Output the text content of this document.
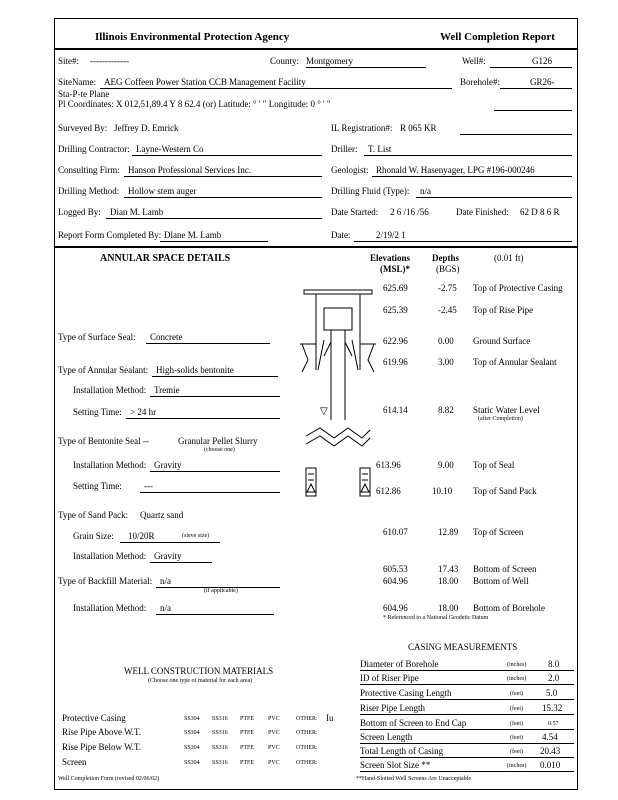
Illinois Environmental Protection Agency	Well Completion Report
Site#: -------------	County: Montgomery	Well#:	G126
SiteName: AEG Coffeen Power Station CCB Management Facility	Borehole#:	GR26-
Sta-P-te Plane
Pl Coordinates: X 012,51,89.4 Y 8 62.4 (or) Latitude: ° ' " Longitude: 0 ° ' "
Surveyed By: Jeffrey D. Emrick	IL Registration#: R 065 KR
Drilling Contractor: Layne-Western Co	Driller: T. List
Consulting Firm: Hanson Professional Services Inc.	Geologist: Rhonald W. Hasenyager, LPG #196-000246
Drilling Method: Hollow stem auger	Drilling Fluid (Type): n/a
Logged By: Dian M. Lamb	Date Started: 2 6 /16 /56	Date Finished: 62 D 8 6 R
Report Form Completed By: Dlane M. Lamb	Date:	2/19/2 1
ANNULAR SPACE DETAILS	Elevations
(MSL)*
Depths
(BGS)
(0.01 ft)
▽
625.69	-2.75 Top of Protective Casing
625.39	-2.45 Top of Rise Pipe
622.96	0.00 Ground Surface
619.96	3.00 Top of Annular Sealant
614.14	8.82 Static Water Level
(after Completion)
613.96	9.00 Top of Seal
612.86	10.10 Top of Sand Pack
610.07	12.89 Top of Screen
605.53	17.43 Bottom of Screen
604.96	18.00 Bottom of Well
604.96	18.00 Bottom of Borehole
* Referenced to a National Geodetic Datum
Type of Surface Seal: Concrete
Type of Annular Sealant: High-solids bentonite
Installation Method: Tremie
Setting Time: > 24 hr
Type of Bentonite Seal --	Granular Pellet Slurry
(choose one)
Installation Method: Gravity
Setting Time: ---
Type of Sand Pack: Quartz sand
Grain Size: 10/20R	(sieve size)
Installation Method: Gravity
Type of Backfill Material: n/a
(if applicable)
Installation Method: n/a
WELL CONSTRUCTION MATERIALS
(Choose one type of material for each area)
Protective Casing	SS304 SS316 PTFE PVC	OTHER: Iu
Rise Pipe Above W.T.	SS304 SS316 PTFE PVC	OTHER:
Rise Pipe Below W.T.	SS304 SS316 PTFE PVC	OTHER:
Screen	SS304 SS316 PTFE PVC	OTHER:
CASING MEASUREMENTS
Diameter of Borehole	(inches) 8.0
ID of Riser Pipe	(inches) 2.0
Protective Casing Length	(feet)	5.0
Riser Pipe Length	(feet) 15.32
Bottom of Screen to End Cap	(feet)	0.57
Screen Length	(feet) 4.54
Total Length of Casing	(feet) 20.43
Screen Slot Size **	(inches) 0.010
Well Completion Form (revised 02/06/02)	**Hand-Slotted Well Screens Are Unacceptable
